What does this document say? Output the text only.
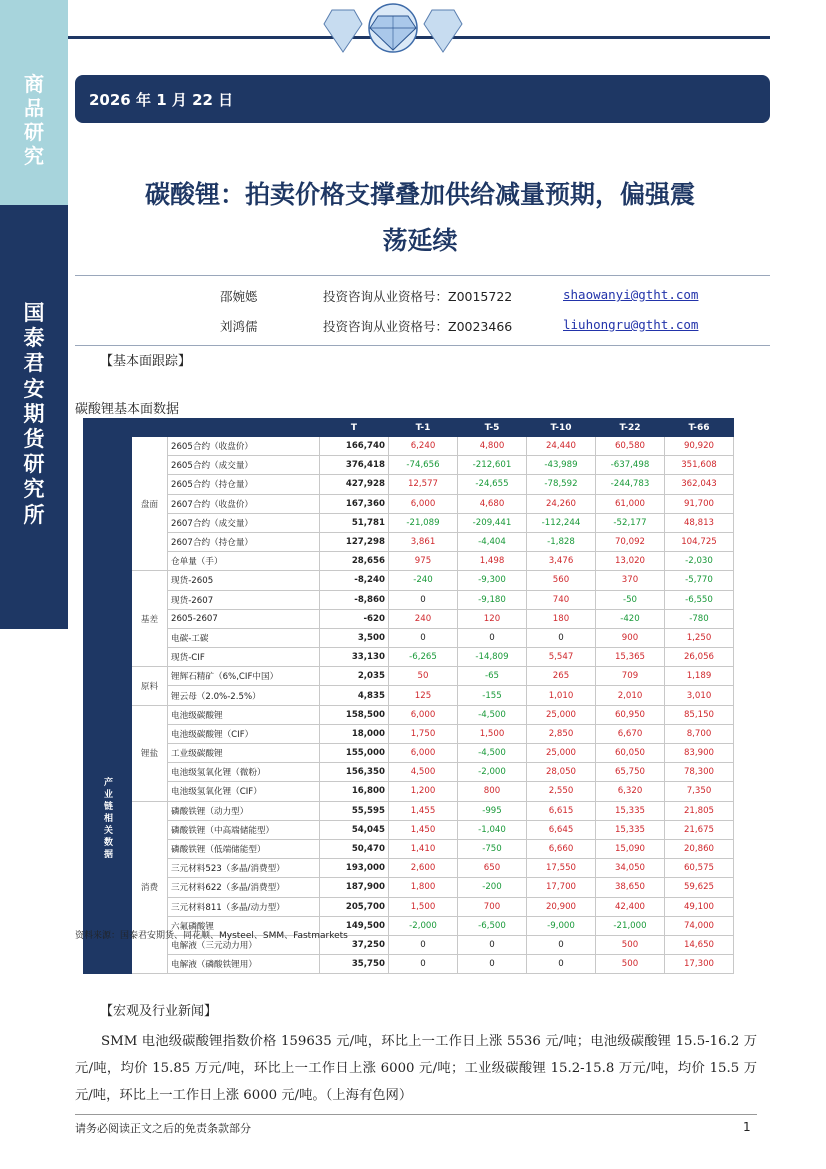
商
品
研
究
国
泰
君
安
期
货
研
究
所
2026 年 1 月 22 日
碳酸锂：拍卖价格支撑叠加供给减量预期，偏强震
荡延续
邵婉嫕	投资咨询从业资格号：Z0015722	shaowanyi@gtht.com
刘鸿儒	投资咨询从业资格号：Z0023466	liuhongru@gtht.com
【基本面跟踪】
碳酸锂基本面数据
			T	T-1	T-5	T-10	T-22	T-66
	盘面	2605合约（收盘价）	166,740	6,240	4,800	24,440	60,580	90,920
		2605合约（成交量）	376,418	-74,656	-212,601	-43,989	-637,498	351,608
		2605合约（持仓量）	427,928	12,577	-24,655	-78,592	-244,783	362,043
		2607合约（收盘价）	167,360	6,000	4,680	24,260	61,000	91,700
		2607合约（成交量）	51,781	-21,089	-209,441	-112,244	-52,177	48,813
		2607合约（持仓量）	127,298	3,861	-4,404	-1,828	70,092	104,725
		仓单量（手）	28,656	975	1,498	3,476	13,020	-2,030
	基差	现货-2605	-8,240	-240	-9,300	560	370	-5,770
		现货-2607	-8,860	0	-9,180	740	-50	-6,550
		2605-2607	-620	240	120	180	-420	-780
		电碳-工碳	3,500	0	0	0	900	1,250
		现货-CIF	33,130	-6,265	-14,809	5,547	15,365	26,056
产业链相关数据	原料	锂辉石精矿（6%,CIF中国）	2,035	50	-65	265	709	1,189
		锂云母（2.0%-2.5%）	4,835	125	-155	1,010	2,010	3,010
	锂盐	电池级碳酸锂	158,500	6,000	-4,500	25,000	60,950	85,150
		电池级碳酸锂（CIF）	18,000	1,750	1,500	2,850	6,670	8,700
		工业级碳酸锂	155,000	6,000	-4,500	25,000	60,050	83,900
		电池级氢氧化锂（微粉）	156,350	4,500	-2,000	28,050	65,750	78,300
		电池级氢氧化锂（CIF）	16,800	1,200	800	2,550	6,320	7,350
	消费	磷酸铁锂（动力型）	55,595	1,455	-995	6,615	15,335	21,805
		磷酸铁锂（中高端储能型）	54,045	1,450	-1,040	6,645	15,335	21,675
		磷酸铁锂（低端储能型）	50,470	1,410	-750	6,660	15,090	20,860
		三元材料523（多晶/消费型）	193,000	2,600	650	17,550	34,050	60,575
		三元材料622（多晶/消费型）	187,900	1,800	-200	17,700	38,650	59,625
		三元材料811（多晶/动力型）	205,700	1,500	700	20,900	42,400	49,100
		六氟磷酸锂	149,500	-2,000	-6,500	-9,000	-21,000	74,000
		电解液（三元动力用）	37,250	0	0	0	500	14,650
		电解液（磷酸铁锂用）	35,750	0	0	0	500	17,300
资料来源：国泰君安期货、同花顺、Mysteel、SMM、Fastmarkets
【宏观及行业新闻】
SMM 电池级碳酸锂指数价格 159635 元/吨，环比上一工作日上涨 5536 元/吨；电池级碳酸锂 15.5-16.2 万元/吨，均价 15.85 万元/吨，环比上一工作日上涨 6000 元/吨；工业级碳酸锂 15.2-15.8 万元/吨，均价 15.5 万元/吨，环比上一工作日上涨 6000 元/吨。（上海有色网）
请务必阅读正文之后的免责条款部分	1
